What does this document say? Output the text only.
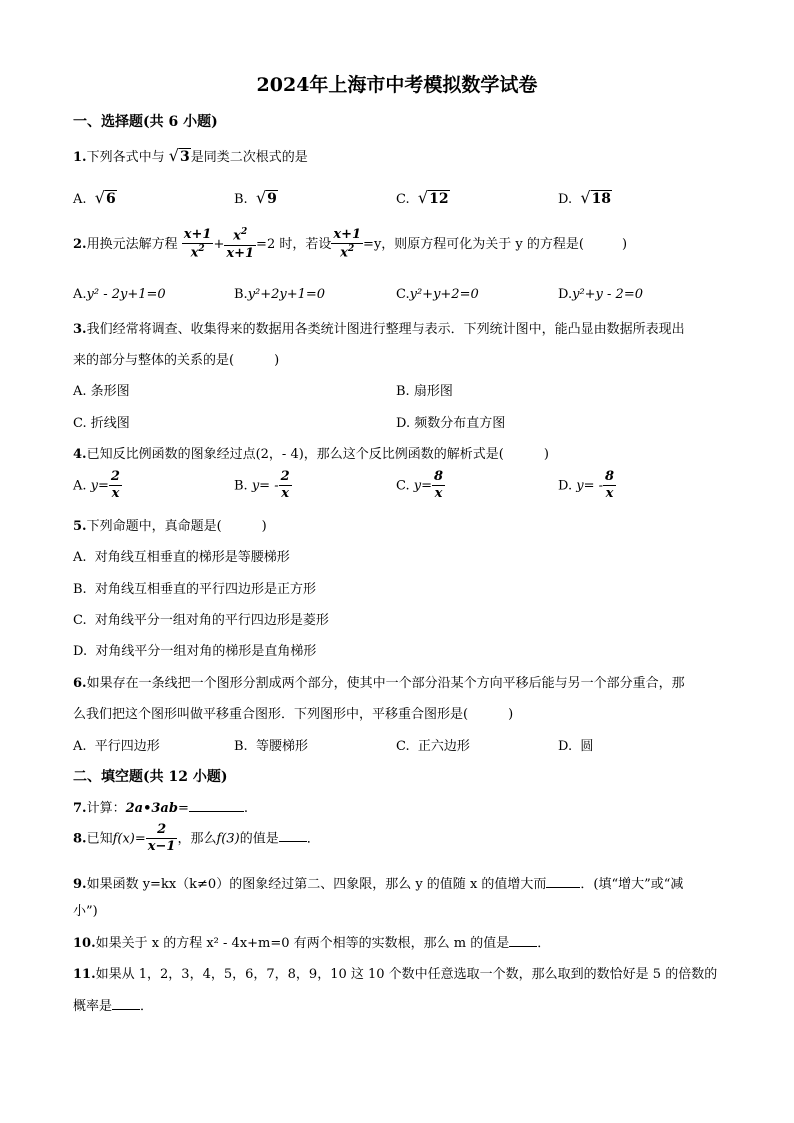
2024年上海市中考模拟数学试卷
一、选择题(共 6 小题)
1.下列各式中与 √3是同类二次根式的是
A. √6	B. √9	C. √12	D. √18
2.用换元法解方程 $\frac{x+1}{x^2} + \frac{x^2}{x+1} =2$ 时，若设 $\frac{x+1}{x^2} =y$，则原方程可化为关于 y 的方程是(	)
A.y² - 2y+1=0	B.y²+2y+1=0	C.y²+y+2=0	D.y²+y - 2=0
3.我们经常将调查、收集得来的数据用各类统计图进行整理与表示．下列统计图中，能凸显由数据所表现出
来的部分与整体的关系的是(	)
A. 条形图	B. 扇形图
C. 折线图	D. 频数分布直方图
4.已知反比例函数的图象经过点(2，- 4)，那么这个反比例函数的解析式是(	)
A. $y= \frac{2}{x}$	B. $y= - \frac{2}{x}$	C. $y= \frac{8}{x}$	D. $y= - \frac{8}{x}$
5.下列命题中，真命题是(	)
A. 对角线互相垂直的梯形是等腰梯形
B. 对角线互相垂直的平行四边形是正方形
C. 对角线平分一组对角的平行四边形是菱形
D. 对角线平分一组对角的梯形是直角梯形
6.如果存在一条线把一个图形分割成两个部分，使其中一个部分沿某个方向平移后能与另一个部分重合，那
么我们把这个图形叫做平移重合图形．下列图形中，平移重合图形是(	)
A. 平行四边形	B. 等腰梯形	C. 正六边形	D. 圆
二、填空题(共 12 小题)
7.计算：2a•3ab=	.
8.已知$f(x)= \frac{2}{x-1}$ ，那么f(3)的值是 ．
9.如果函数 y=kx（k≠0）的图象经过第二、四象限，那么 y 的值随 x 的值增大而	．(填“增大”或“减
小”)
10.如果关于 x 的方程 x² - 4x+m=0 有两个相等的实数根，那么 m 的值是 ．
11.如果从 1，2，3，4，5，6，7，8，9，10 这 10 个数中任意选取一个数，那么取到的数恰好是 5 的倍数的
概率是 ．
